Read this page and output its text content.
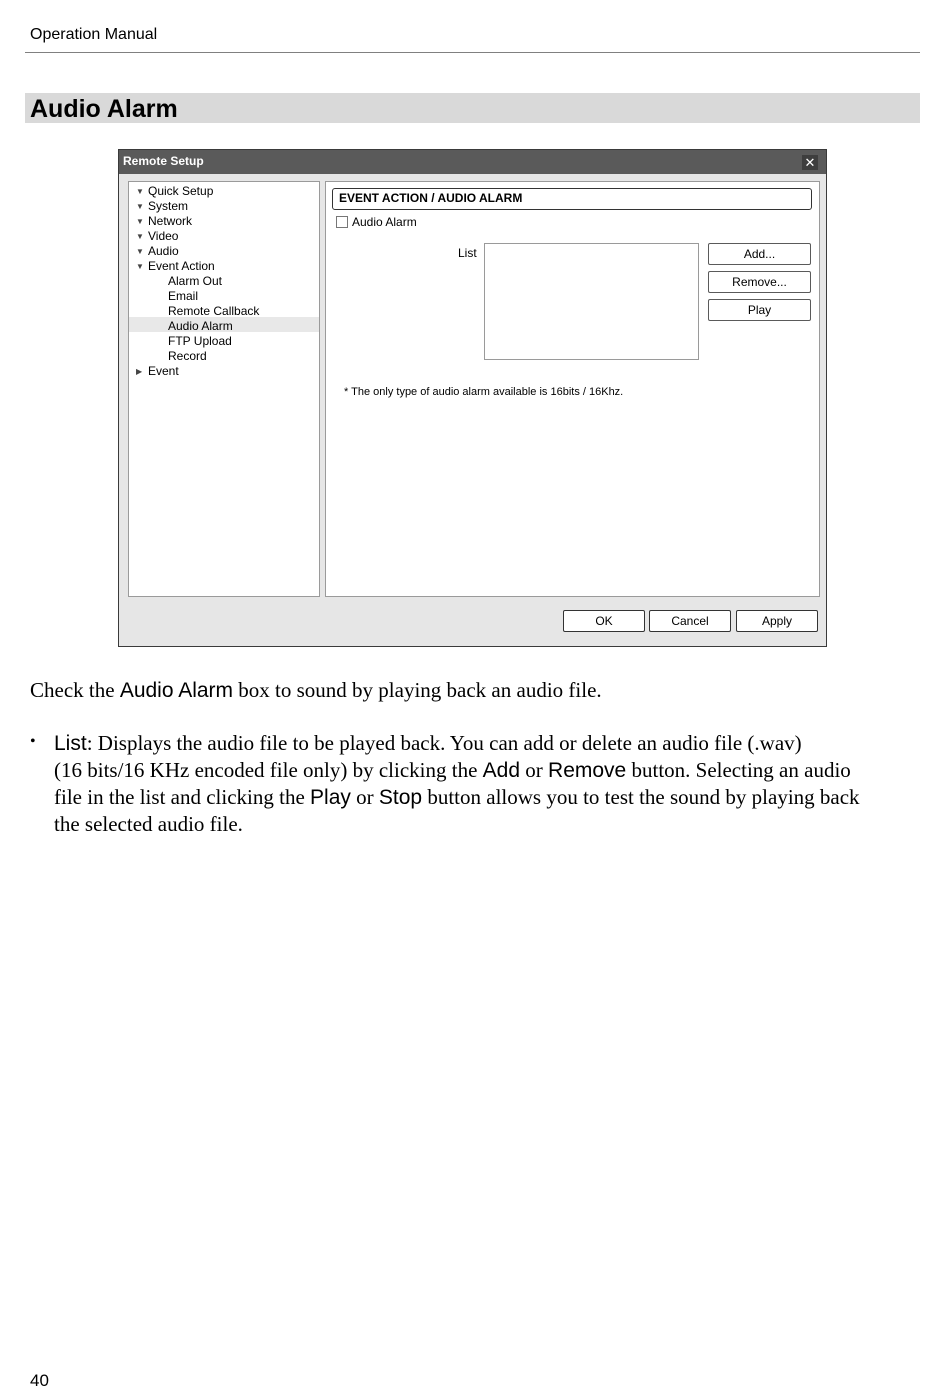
Operation Manual
Audio Alarm
Remote Setup	✕
▼ Quick Setup
▼ System
▼ Network
▼ Video
▼ Audio
▼ Event Action
Alarm Out
Email
Remote Callback
Audio Alarm
FTP Upload
Record
▶ Event
EVENT ACTION / AUDIO ALARM
Audio Alarm
List	Add...
Remove...
Play
* The only type of audio alarm available is 16bits / 16Khz.
OK	Cancel	Apply
Check the Audio Alarm box to sound by playing back an audio file.
• List: Displays the audio file to be played back. You can add or delete an audio file (.wav)
(16 bits/16 KHz encoded file only) by clicking the Add or Remove button. Selecting an audio
file in the list and clicking the Play or Stop button allows you to test the sound by playing back
the selected audio file.
40
